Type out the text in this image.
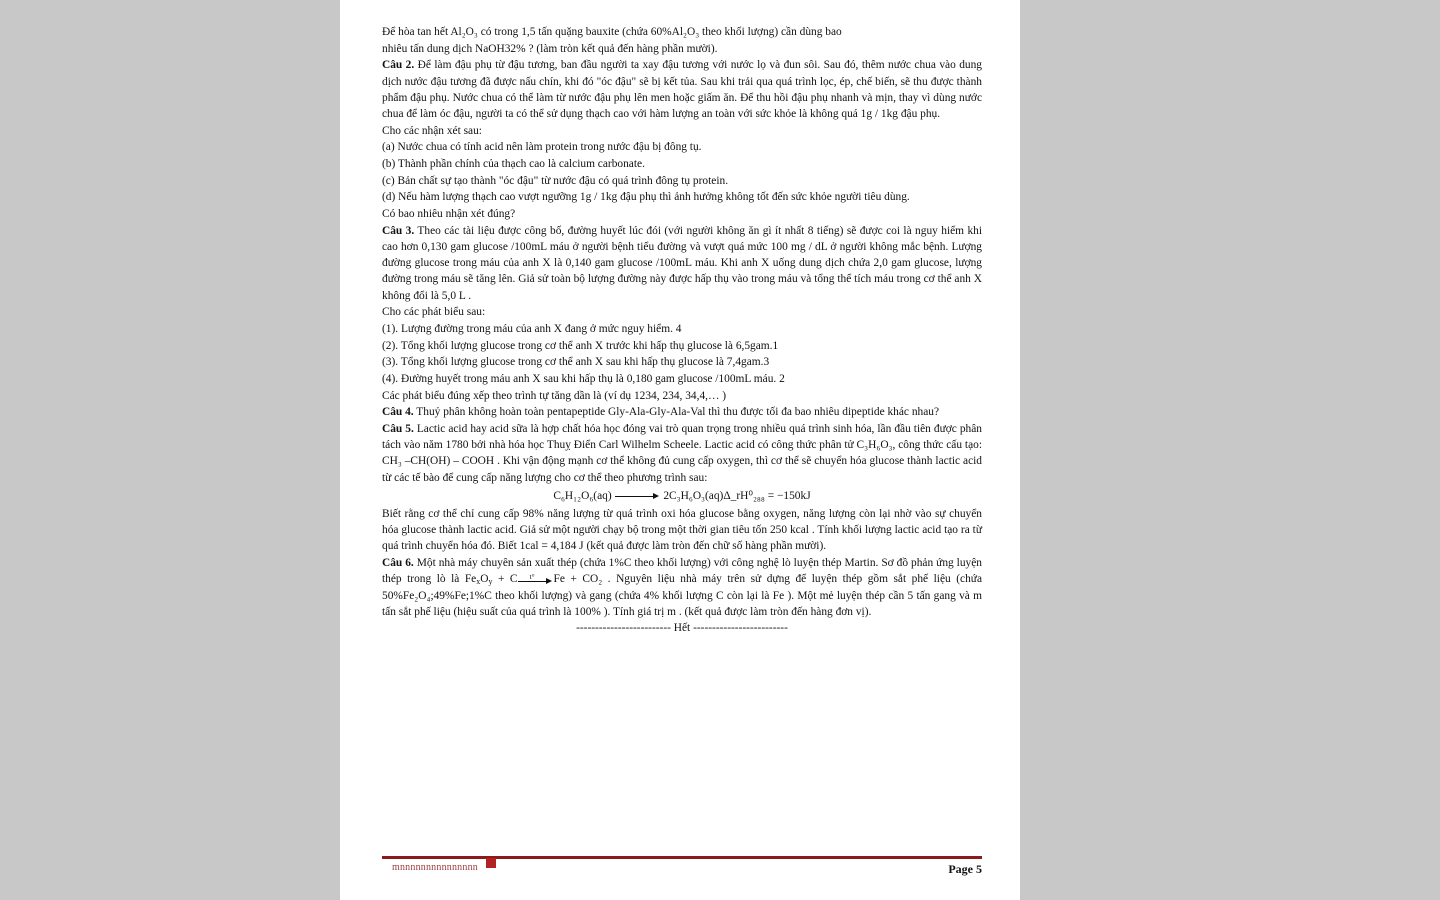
Để hòa tan hết Al₂O₃ có trong 1,5 tấn quặng bauxite (chứa 60%Al₂O₃ theo khối lượng) cần dùng bao

nhiêu tấn dung dịch NaOH32% ? (làm tròn kết quả đến hàng phần mười).

Câu 2. Để làm đậu phụ từ đậu tương, ban đầu người ta xay đậu tương với nước lọ và đun sôi. Sau đó, thêm nước chua vào dung dịch nước đậu tương đã được nấu chín, khi đó "óc đậu" sẽ bị kết tủa. Sau khi trải qua quá trình lọc, ép, chế biến, sẽ thu được thành phẩm đậu phụ. Nước chua có thể làm từ nước đậu phụ lên men hoặc giấm ăn. Để thu hồi đậu phụ nhanh và mịn, thay vì dùng nước chua để làm óc đậu, người ta có thể sử dụng thạch cao với hàm lượng an toàn với sức khỏe là không quá 1g / 1kg đậu phụ.

Cho các nhận xét sau:

(a) Nước chua có tính acid nên làm protein trong nước đậu bị đông tụ.

(b) Thành phần chính của thạch cao là calcium carbonate.

(c) Bản chất sự tạo thành "óc đậu" từ nước đậu có quá trình đông tụ protein.

(d) Nếu hàm lượng thạch cao vượt ngưỡng 1g / 1kg đậu phụ thì ảnh hưởng không tốt đến sức khỏe người tiêu dùng.

Có bao nhiêu nhận xét đúng?

Câu 3. Theo các tài liệu được công bố, đường huyết lúc đói (với người không ăn gì ít nhất 8 tiếng) sẽ được coi là nguy hiểm khi cao hơn 0,130 gam glucose /100mL máu ở người bệnh tiểu đường và vượt quá mức 100 mg / dL ở người không mắc bệnh. Lượng đường glucose trong máu của anh X là 0,140 gam glucose /100mL máu. Khi anh X uống dung dịch chứa 2,0 gam glucose, lượng đường trong máu sẽ tăng lên. Giả sử toàn bộ lượng đường này được hấp thụ vào trong máu và tổng thể tích máu trong cơ thể anh X không đổi là 5,0 L .

Cho các phát biểu sau:

(1). Lượng đường trong máu của anh X đang ở mức nguy hiểm. 4

(2). Tổng khối lượng glucose trong cơ thể anh X trước khi hấp thụ glucose là 6,5gam.1

(3). Tổng khối lượng glucose trong cơ thể anh X sau khi hấp thụ glucose là 7,4gam.3

(4). Đường huyết trong máu anh X sau khi hấp thụ là 0,180 gam glucose /100mL máu. 2

Các phát biểu đúng xếp theo trình tự tăng dần là (ví dụ 1234, 234, 34,4,… )

Câu 4. Thuỷ phân không hoàn toàn pentapeptide Gly-Ala-Gly-Ala-Val thì thu được tối đa bao nhiêu dipeptide khác nhau?

Câu 5. Lactic acid hay acid sữa là hợp chất hóa học đóng vai trò quan trọng trong nhiều quá trình sinh hóa, lần đầu tiên được phân tách vào năm 1780 bởi nhà hóa học Thuỵ Điển Carl Wilhelm Scheele. Lactic acid có công thức phân tử C₃H₆O₃, công thức cấu tạo: CH₃ –CH(OH) – COOH . Khi vận động mạnh cơ thể không đủ cung cấp oxygen, thì cơ thể sẽ chuyển hóa glucose thành lactic acid từ các tế bào để cung cấp năng lượng cho cơ thể theo phương trình sau:

C₆H₁₂O₆(aq)	2C₃H₆O₃(aq)Δ_rH⁰₂₈₈ = −150kJ

Biết rằng cơ thể chỉ cung cấp 98% năng lượng từ quá trình oxi hóa glucose bằng oxygen, năng lượng còn lại nhờ vào sự chuyển hóa glucose thành lactic acid. Giả sử một người chạy bộ trong một thời gian tiêu tốn 250 kcal . Tính khối lượng lactic acid tạo ra từ quá trình chuyển hóa đó. Biết 1cal = 4,184 J (kết quả được làm tròn đến chữ số hàng phần mười).

Câu 6. Một nhà máy chuyên sản xuất thép (chứa 1%C theo khối lượng) với công nghệ lò luyện thép Martin. Sơ đồ phản ứng luyện thép trong lò là $Fe_xO_y + C$ t° Fe + CO₂ . Nguyên liệu nhà máy trên sử dựng để luyện thép gồm sắt phế liệu (chứa 50%Fe₂O₄;49%Fe;1%C theo khối lượng) và gang (chứa 4% khối lượng C còn lại là Fe ). Một mẻ luyện thép cần 5 tấn gang và m tấn sắt phế liệu (hiệu suất của quá trình là 100% ). Tính giá trị m . (kết quả được làm tròn đến hàng đơn vị).

------------------------- Hết -------------------------

mnnnnnnnnnnnnnnn	Page 5
